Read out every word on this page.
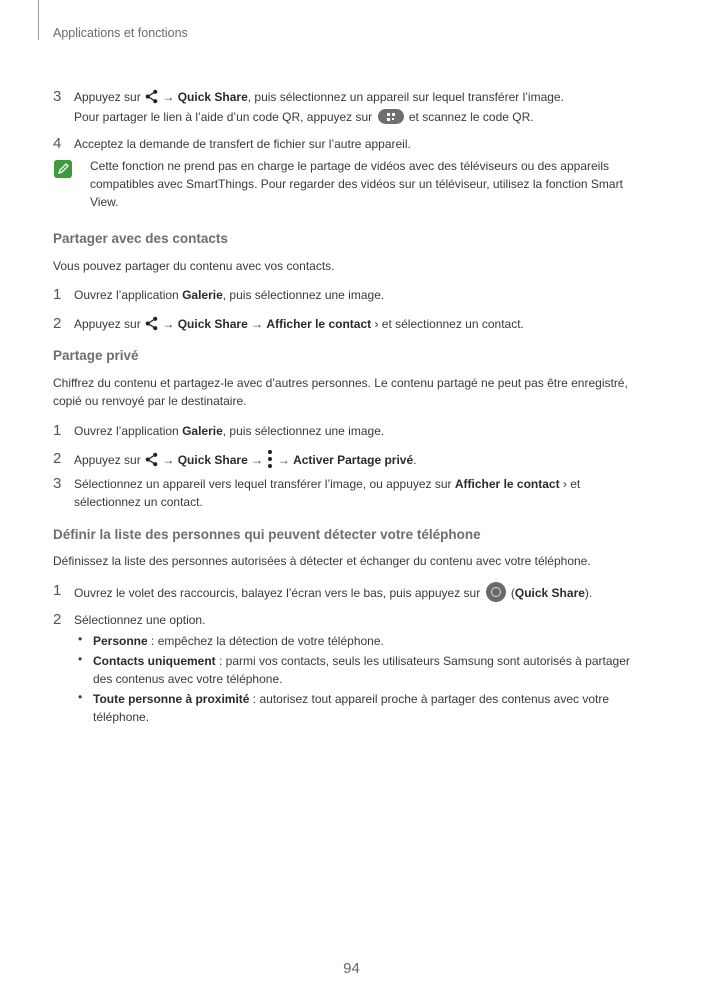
Applications et fonctions
3 Appuyez sur  → Quick Share, puis sélectionnez un appareil sur lequel transférer l’image.
Pour partager le lien à l’aide d’un code QR, appuyez sur	et scannez le code QR.
4 Acceptez la demande de transfert de fichier sur l’autre appareil.
Cette fonction ne prend pas en charge le partage de vidéos avec des téléviseurs ou des appareils
compatibles avec SmartThings. Pour regarder des vidéos sur un téléviseur, utilisez la fonction Smart
View.
Partager avec des contacts
Vous pouvez partager du contenu avec vos contacts.
1 Ouvrez l’application Galerie, puis sélectionnez une image.
2 Appuyez sur  → Quick Share → Afficher le contact › et sélectionnez un contact.
Partage privé
Chiffrez du contenu et partagez-le avec d’autres personnes. Le contenu partagé ne peut pas être enregistré,
copié ou renvoyé par le destinataire.
1 Ouvrez l’application Galerie, puis sélectionnez une image.
2 Appuyez sur  → Quick Share →
→ Activer Partage privé.
3 Sélectionnez un appareil vers lequel transférer l’image, ou appuyez sur Afficher le contact › et
sélectionnez un contact.
Définir la liste des personnes qui peuvent détecter votre téléphone
Définissez la liste des personnes autorisées à détecter et échanger du contenu avec votre téléphone.
1 Ouvrez le volet des raccourcis, balayez l’écran vers le bas, puis appuyez sur
(Quick Share).
2 Sélectionnez une option.
• Personne : empêchez la détection de votre téléphone.
• Contacts uniquement : parmi vos contacts, seuls les utilisateurs Samsung sont autorisés à partager
des contenus avec votre téléphone.
• Toute personne à proximité : autorisez tout appareil proche à partager des contenus avec votre
téléphone.
94
